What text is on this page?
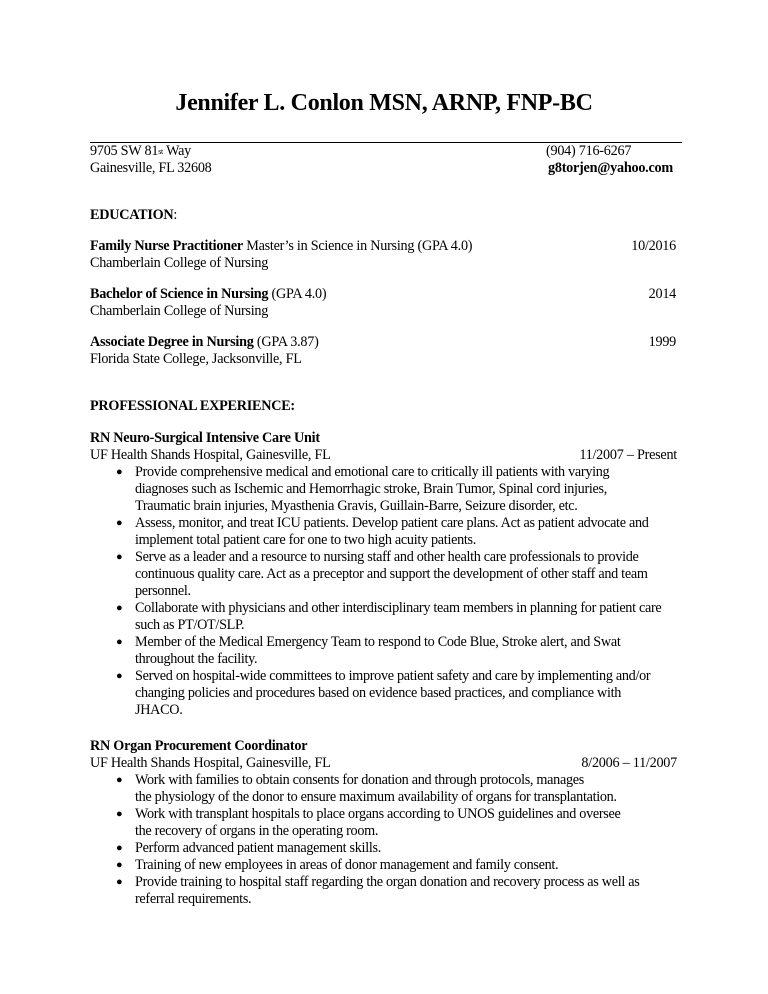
Jennifer L. Conlon MSN, ARNP, FNP-BC
9705 SW 81st Way
Gainesville, FL 32608
(904) 716-6267
g8torjen@yahoo.com
EDUCATION:
Family Nurse Practitioner Master’s in Science in Nursing (GPA 4.0)	10/2016
Chamberlain College of Nursing
Bachelor of Science in Nursing (GPA 4.0)	2014
Chamberlain College of Nursing
Associate Degree in Nursing (GPA 3.87)	1999
Florida State College, Jacksonville, FL
PROFESSIONAL EXPERIENCE:
RN Neuro-Surgical Intensive Care Unit
UF Health Shands Hospital, Gainesville, FL	11/2007 – Present
● Provide comprehensive medical and emotional care to critically ill patients with varying
diagnoses such as Ischemic and Hemorrhagic stroke, Brain Tumor, Spinal cord injuries,
Traumatic brain injuries, Myasthenia Gravis, Guillain-Barre, Seizure disorder, etc.
● Assess, monitor, and treat ICU patients. Develop patient care plans. Act as patient advocate and
implement total patient care for one to two high acuity patients.
● Serve as a leader and a resource to nursing staff and other health care professionals to provide
continuous quality care. Act as a preceptor and support the development of other staff and team
personnel.
● Collaborate with physicians and other interdisciplinary team members in planning for patient care
such as PT/OT/SLP.
● Member of the Medical Emergency Team to respond to Code Blue, Stroke alert, and Swat
throughout the facility.
● Served on hospital-wide committees to improve patient safety and care by implementing and/or
changing policies and procedures based on evidence based practices, and compliance with
JHACO.
RN Organ Procurement Coordinator
UF Health Shands Hospital, Gainesville, FL	8/2006 – 11/2007
● Work with families to obtain consents for donation and through protocols, manages
the physiology of the donor to ensure maximum availability of organs for transplantation.
● Work with transplant hospitals to place organs according to UNOS guidelines and oversee
the recovery of organs in the operating room.
● Perform advanced patient management skills.
● Training of new employees in areas of donor management and family consent.
● Provide training to hospital staff regarding the organ donation and recovery process as well as
referral requirements.
